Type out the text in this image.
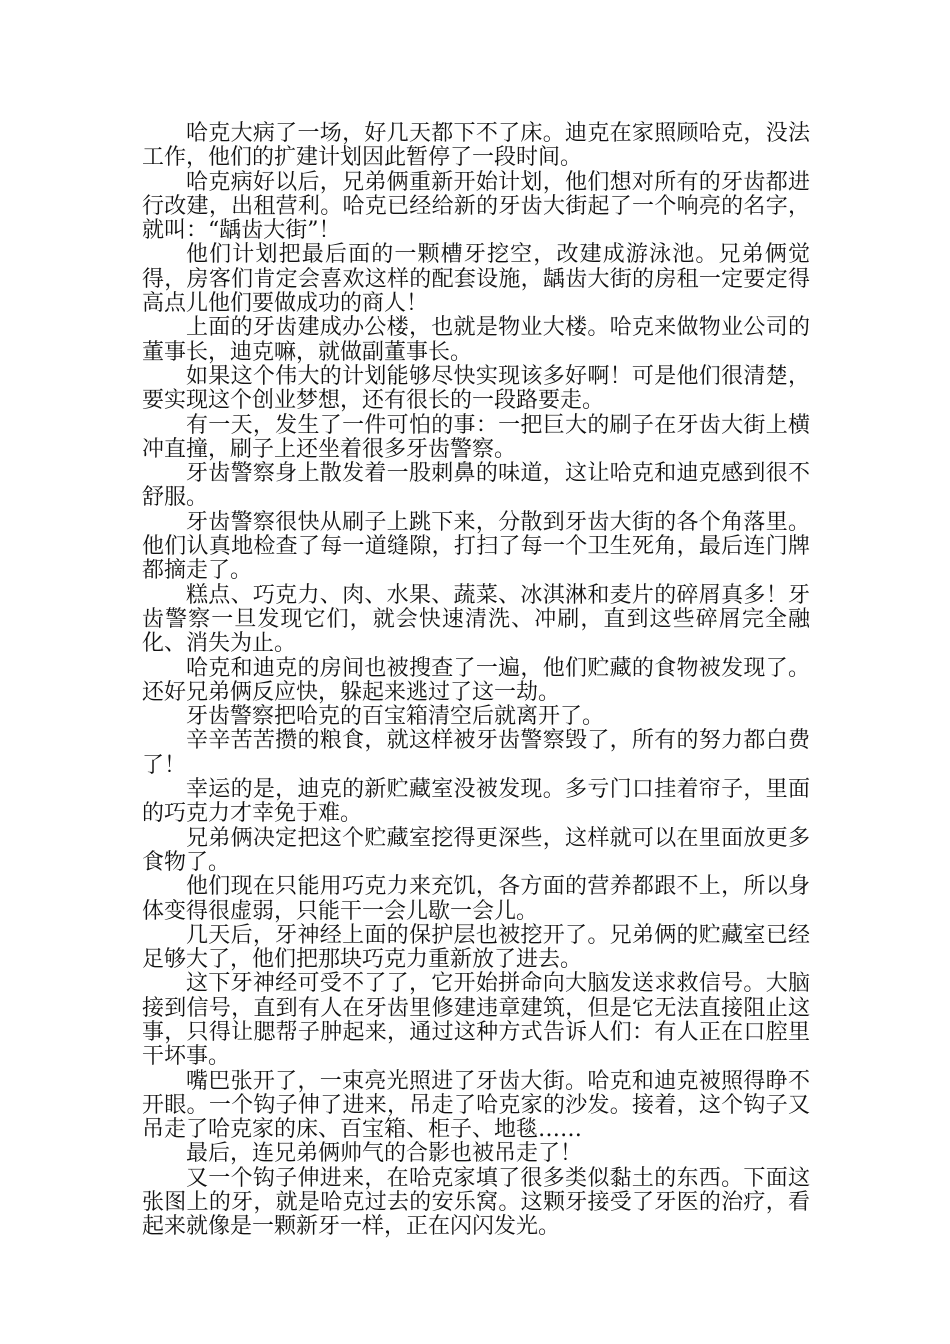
哈克大病了一场，好几天都下不了床。迪克在家照顾哈克，没法工作，他们的扩建计划因此暂停了一段时间。

哈克病好以后，兄弟俩重新开始计划，他们想对所有的牙齿都进行改建，出租营利。哈克已经给新的牙齿大街起了一个响亮的名字，就叫：“龋齿大街”！

他们计划把最后面的一颗槽牙挖空，改建成游泳池。兄弟俩觉得，房客们肯定会喜欢这样的配套设施，龋齿大街的房租一定要定得高点儿他们要做成功的商人！

上面的牙齿建成办公楼，也就是物业大楼。哈克来做物业公司的董事长，迪克嘛，就做副董事长。

如果这个伟大的计划能够尽快实现该多好啊！可是他们很清楚，要实现这个创业梦想，还有很长的一段路要走。

有一天，发生了一件可怕的事：一把巨大的刷子在牙齿大街上横冲直撞，刷子上还坐着很多牙齿警察。

牙齿警察身上散发着一股刺鼻的味道，这让哈克和迪克感到很不舒服。

牙齿警察很快从刷子上跳下来，分散到牙齿大街的各个角落里。他们认真地检查了每一道缝隙，打扫了每一个卫生死角，最后连门牌都摘走了。

糕点、巧克力、肉、水果、蔬菜、冰淇淋和麦片的碎屑真多！牙齿警察一旦发现它们，就会快速清洗、冲刷，直到这些碎屑完全融化、消失为止。

哈克和迪克的房间也被搜查了一遍，他们贮藏的食物被发现了。还好兄弟俩反应快，躲起来逃过了这一劫。

牙齿警察把哈克的百宝箱清空后就离开了。

辛辛苦苦攒的粮食，就这样被牙齿警察毁了，所有的努力都白费了！

幸运的是，迪克的新贮藏室没被发现。多亏门口挂着帘子，里面的巧克力才幸免于难。

兄弟俩决定把这个贮藏室挖得更深些，这样就可以在里面放更多食物了。

他们现在只能用巧克力来充饥，各方面的营养都跟不上，所以身体变得很虚弱，只能干一会儿歇一会儿。

几天后，牙神经上面的保护层也被挖开了。兄弟俩的贮藏室已经足够大了，他们把那块巧克力重新放了进去。

这下牙神经可受不了了，它开始拼命向大脑发送求救信号。大脑接到信号，直到有人在牙齿里修建违章建筑，但是它无法直接阻止这事，只得让腮帮子肿起来，通过这种方式告诉人们：有人正在口腔里干坏事。

嘴巴张开了，一束亮光照进了牙齿大街。哈克和迪克被照得睁不开眼。一个钩子伸了进来，吊走了哈克家的沙发。接着，这个钩子又吊走了哈克家的床、百宝箱、柜子、地毯……

最后，连兄弟俩帅气的合影也被吊走了！

又一个钩子伸进来，在哈克家填了很多类似黏土的东西。下面这张图上的牙，就是哈克过去的安乐窝。这颗牙接受了牙医的治疗，看起来就像是一颗新牙一样，正在闪闪发光。
